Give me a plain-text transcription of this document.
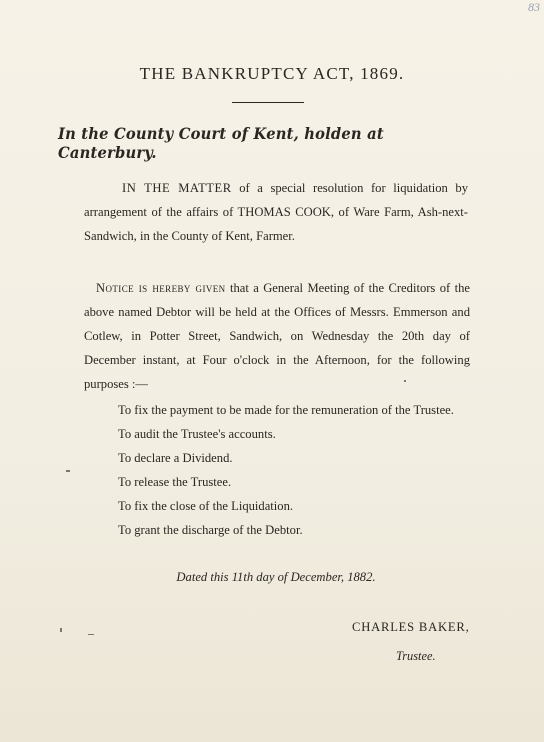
83
THE BANKRUPTCY ACT, 1869.
In the County Court of Kent, holden at Canterbury.
IN THE MATTER of a special resolution for liquidation by arrangement of the affairs of THOMAS COOK, of Ware Farm, Ash-next-Sandwich, in the County of Kent, Farmer.
Notice is hereby given that a General Meeting of the Creditors of the above named Debtor will be held at the Offices of Messrs. Emmerson and Cotlew, in Potter Street, Sandwich, on Wednesday the 20th day of December instant, at Four o'clock in the Afternoon, for the following purposes :—
To fix the payment to be made for the remuneration of the Trustee.
To audit the Trustee's accounts.
To declare a Dividend.
To release the Trustee.
To fix the close of the Liquidation.
To grant the discharge of the Debtor.
Dated this 11th day of December, 1882.
CHARLES BAKER,
Trustee.
